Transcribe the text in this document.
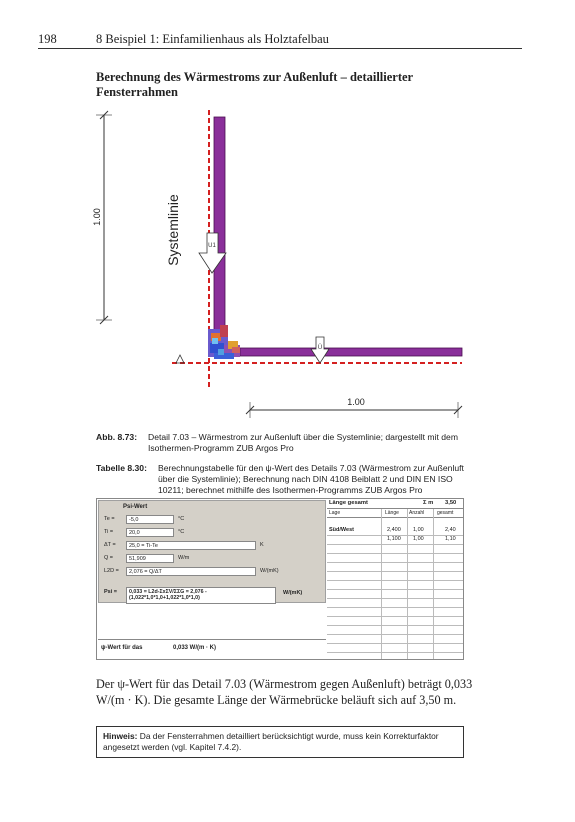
198	8 Beispiel 1: Einfamilienhaus als Holztafelbau
Berechnung des Wärmestroms zur Außenluft – detaillierter Fensterrahmen
U1
Ü
1.00
1.00
Systemlinie
Abb. 8.73:	Detail 7.03 – Wärmestrom zur Außenluft über die Systemlinie; dargestellt mit dem Isothermen-Programm ZUB Argos Pro
Tabelle 8.30:	Berechnungstabelle für den ψ-Wert des Details 7.03 (Wärmestrom zur Außenluft über die Systemlinie); Berechnung nach DIN 4108 Beiblatt 2 und DIN EN ISO 10211; berechnet mithilfe des Isothermen-Programms ZUB Argos Pro
Psi-Wert
Te =	-5,0	°C
Ti =	20,0	°C
ΔT =	25,0 = Ti-Te	K
Q =	51,909	W/m
L2D =	2,076 = Q/ΔT	W/(mK)
Psi = 0,033 = L2d-ΣxΣV/ΣΣG = 2,076 -
(1,022*1,0*1,0+1,022*1,0*1,0)
W/(mK)
ψ-Wert für das	0,033 W/(m · K)
Länge gesamt	Σ m 3,50
Lage	Länge Anzahl	gesamt
Süd/West	2,400 1,00	2,40
1,100 1,00	1,10
Der ψ-Wert für das Detail 7.03 (Wärmestrom gegen Außenluft) beträgt 0,033 W/(m · K). Die gesamte Länge der Wärmebrücke beläuft sich auf 3,50 m.
Hinweis: Da der Fensterrahmen detailliert berücksichtigt wurde, muss kein Korrekturfaktor angesetzt werden (vgl. Kapitel 7.4.2).
